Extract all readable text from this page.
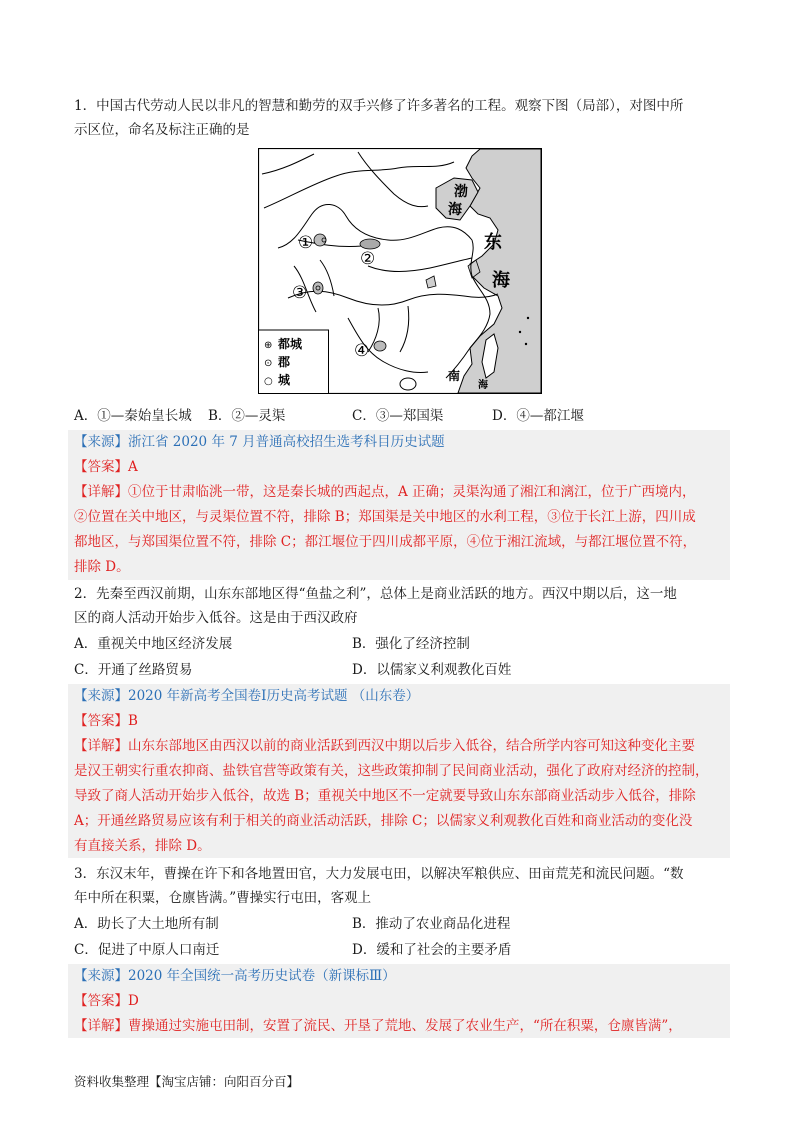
1．中国古代劳动人民以非凡的智慧和勤劳的双手兴修了许多著名的工程。观察下图（局部），对图中所
示区位，命名及标注正确的是
①
②
③
④
渤
海
东
海
南
海
⊕ 都城
⊙ 郡
○ 城
A．①—秦始皇长城 B．②—灵渠	C．③—郑国渠	D．④—都江堰
【来源】浙江省 2020 年 7 月普通高校招生选考科目历史试题
【答案】A
【详解】①位于甘肃临洮一带，这是秦长城的西起点，A 正确；灵渠沟通了湘江和漓江，位于广西境内，
②位置在关中地区，与灵渠位置不符，排除 B；郑国渠是关中地区的水利工程，③位于长江上游，四川成
都地区，与郑国渠位置不符，排除 C；都江堰位于四川成都平原，④位于湘江流域，与都江堰位置不符，
排除 D。
2．先秦至西汉前期，山东东部地区得“鱼盐之利”，总体上是商业活跃的地方。西汉中期以后，这一地
区的商人活动开始步入低谷。这是由于西汉政府
A．重视关中地区经济发展	B．强化了经济控制
C．开通了丝路贸易	D．以儒家义利观教化百姓
【来源】2020 年新高考全国卷Ⅰ历史高考试题 （山东卷）
【答案】B
【详解】山东东部地区由西汉以前的商业活跃到西汉中期以后步入低谷，结合所学内容可知这种变化主要
是汉王朝实行重农抑商、盐铁官营等政策有关，这些政策抑制了民间商业活动，强化了政府对经济的控制，
导致了商人活动开始步入低谷，故选 B；重视关中地区不一定就要导致山东东部商业活动步入低谷，排除
A；开通丝路贸易应该有利于相关的商业活动活跃，排除 C；以儒家义利观教化百姓和商业活动的变化没
有直接关系，排除 D。
3．东汉末年，曹操在许下和各地置田官，大力发展屯田，以解决军粮供应、田亩荒芜和流民问题。“数
年中所在积粟，仓廪皆满。”曹操实行屯田，客观上
A．助长了大土地所有制	B．推动了农业商品化进程
C．促进了中原人口南迁	D．缓和了社会的主要矛盾
【来源】2020 年全国统一高考历史试卷（新课标Ⅲ）
【答案】D
【详解】曹操通过实施屯田制，安置了流民、开垦了荒地、发展了农业生产，“所在积粟，仓廪皆满”，
资料收集整理【淘宝店铺：向阳百分百】
